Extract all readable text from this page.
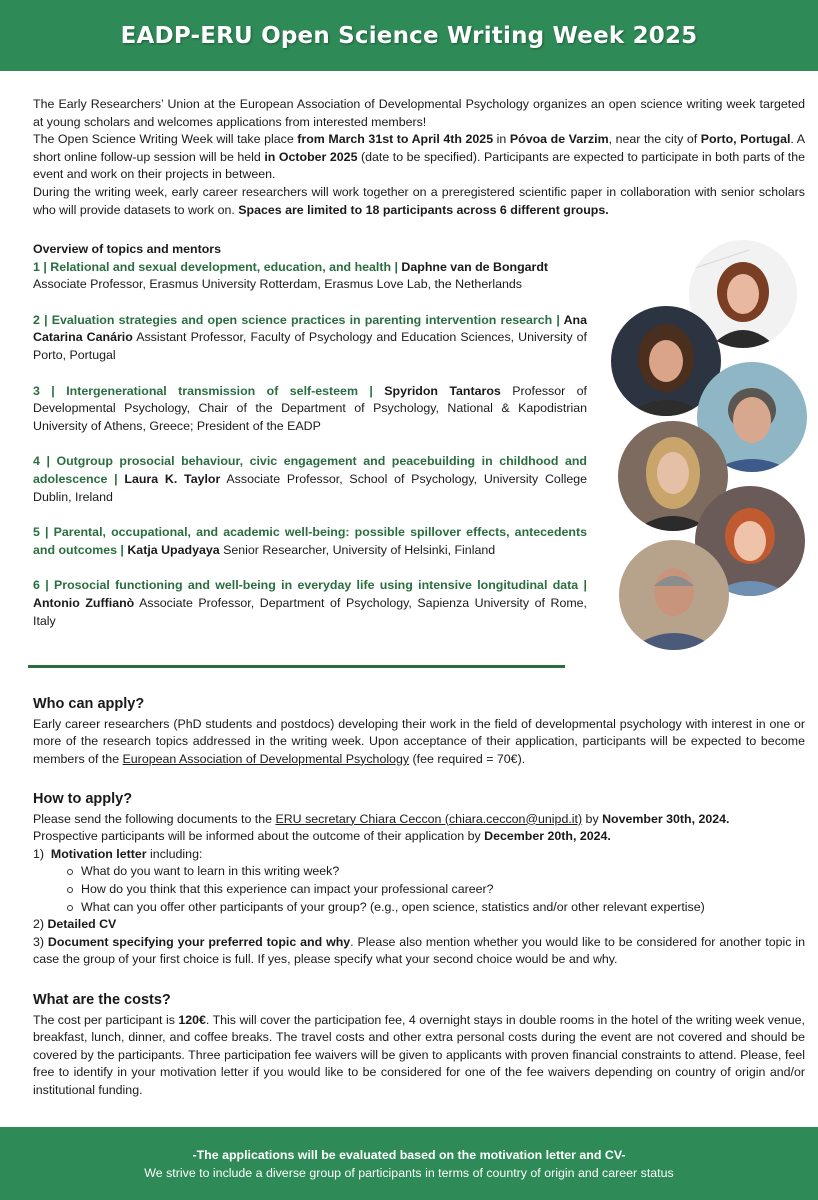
EADP-ERU Open Science Writing Week 2025

The Early Researchers’ Union at the European Association of Developmental Psychology organizes an open science writing week targeted at young scholars and welcomes applications from interested members!

The Open Science Writing Week will take place from March 31st to April 4th 2025 in Póvoa de Varzim, near the city of Porto, Portugal. A short online follow-up session will be held in October 2025 (date to be specified). Participants are expected to participate in both parts of the event and work on their projects in between.

During the writing week, early career researchers will work together on a preregistered scientific paper in collaboration with senior scholars who will provide datasets to work on. Spaces are limited to 18 participants across 6 different groups.

Overview of topics and mentors
1 | Relational and sexual development, education, and health | Daphne van de Bongardt
Associate Professor, Erasmus University Rotterdam, Erasmus Love Lab, the Netherlands
2 | Evaluation strategies and open science practices in parenting intervention research | Ana Catarina Canário Assistant Professor, Faculty of Psychology and Education Sciences, University of Porto, Portugal
3 | Intergenerational transmission of self-esteem | Spyridon Tantaros Professor of Developmental Psychology, Chair of the Department of Psychology, National & Kapodistrian University of Athens, Greece; President of the EADP
4 | Outgroup prosocial behaviour, civic engagement and peacebuilding in childhood and adolescence | Laura K. Taylor Associate Professor, School of Psychology, University College Dublin, Ireland
5 | Parental, occupational, and academic well-being: possible spillover effects, antecedents and outcomes | Katja Upadyaya Senior Researcher, University of Helsinki, Finland
6 | Prosocial functioning and well-being in everyday life using intensive longitudinal data | Antonio Zuffianò Associate Professor, Department of Psychology, Sapienza University of Rome, Italy
Who can apply?

Early career researchers (PhD students and postdocs) developing their work in the field of developmental psychology with interest in one or more of the research topics addressed in the writing week. Upon acceptance of their application, participants will be expected to become members of the European Association of Developmental Psychology (fee required = 70€).

How to apply?

Please send the following documents to the ERU secretary Chiara Ceccon (chiara.ceccon@unipd.it) by November 30th, 2024.

Prospective participants will be informed about the outcome of their application by December 20th, 2024.

1)  Motivation letter including:

What do you want to learn in this writing week?
How do you think that this experience can impact your professional career?
What can you offer other participants of your group? (e.g., open science, statistics and/or other relevant expertise)

2) Detailed CV

3) Document specifying your preferred topic and why. Please also mention whether you would like to be considered for another topic in case the group of your first choice is full. If yes, please specify what your second choice would be and why.

What are the costs?

The cost per participant is 120€. This will cover the participation fee, 4 overnight stays in double rooms in the hotel of the writing week venue, breakfast, lunch, dinner, and coffee breaks. The travel costs and other extra personal costs during the event are not covered and should be covered by the participants. Three participation fee waivers will be given to applicants with proven financial constraints to attend. Please, feel free to identify in your motivation letter if you would like to be considered for one of the fee waivers depending on country of origin and/or institutional funding.

-The applications will be evaluated based on the motivation letter and CV-
We strive to include a diverse group of participants in terms of country of origin and career status
